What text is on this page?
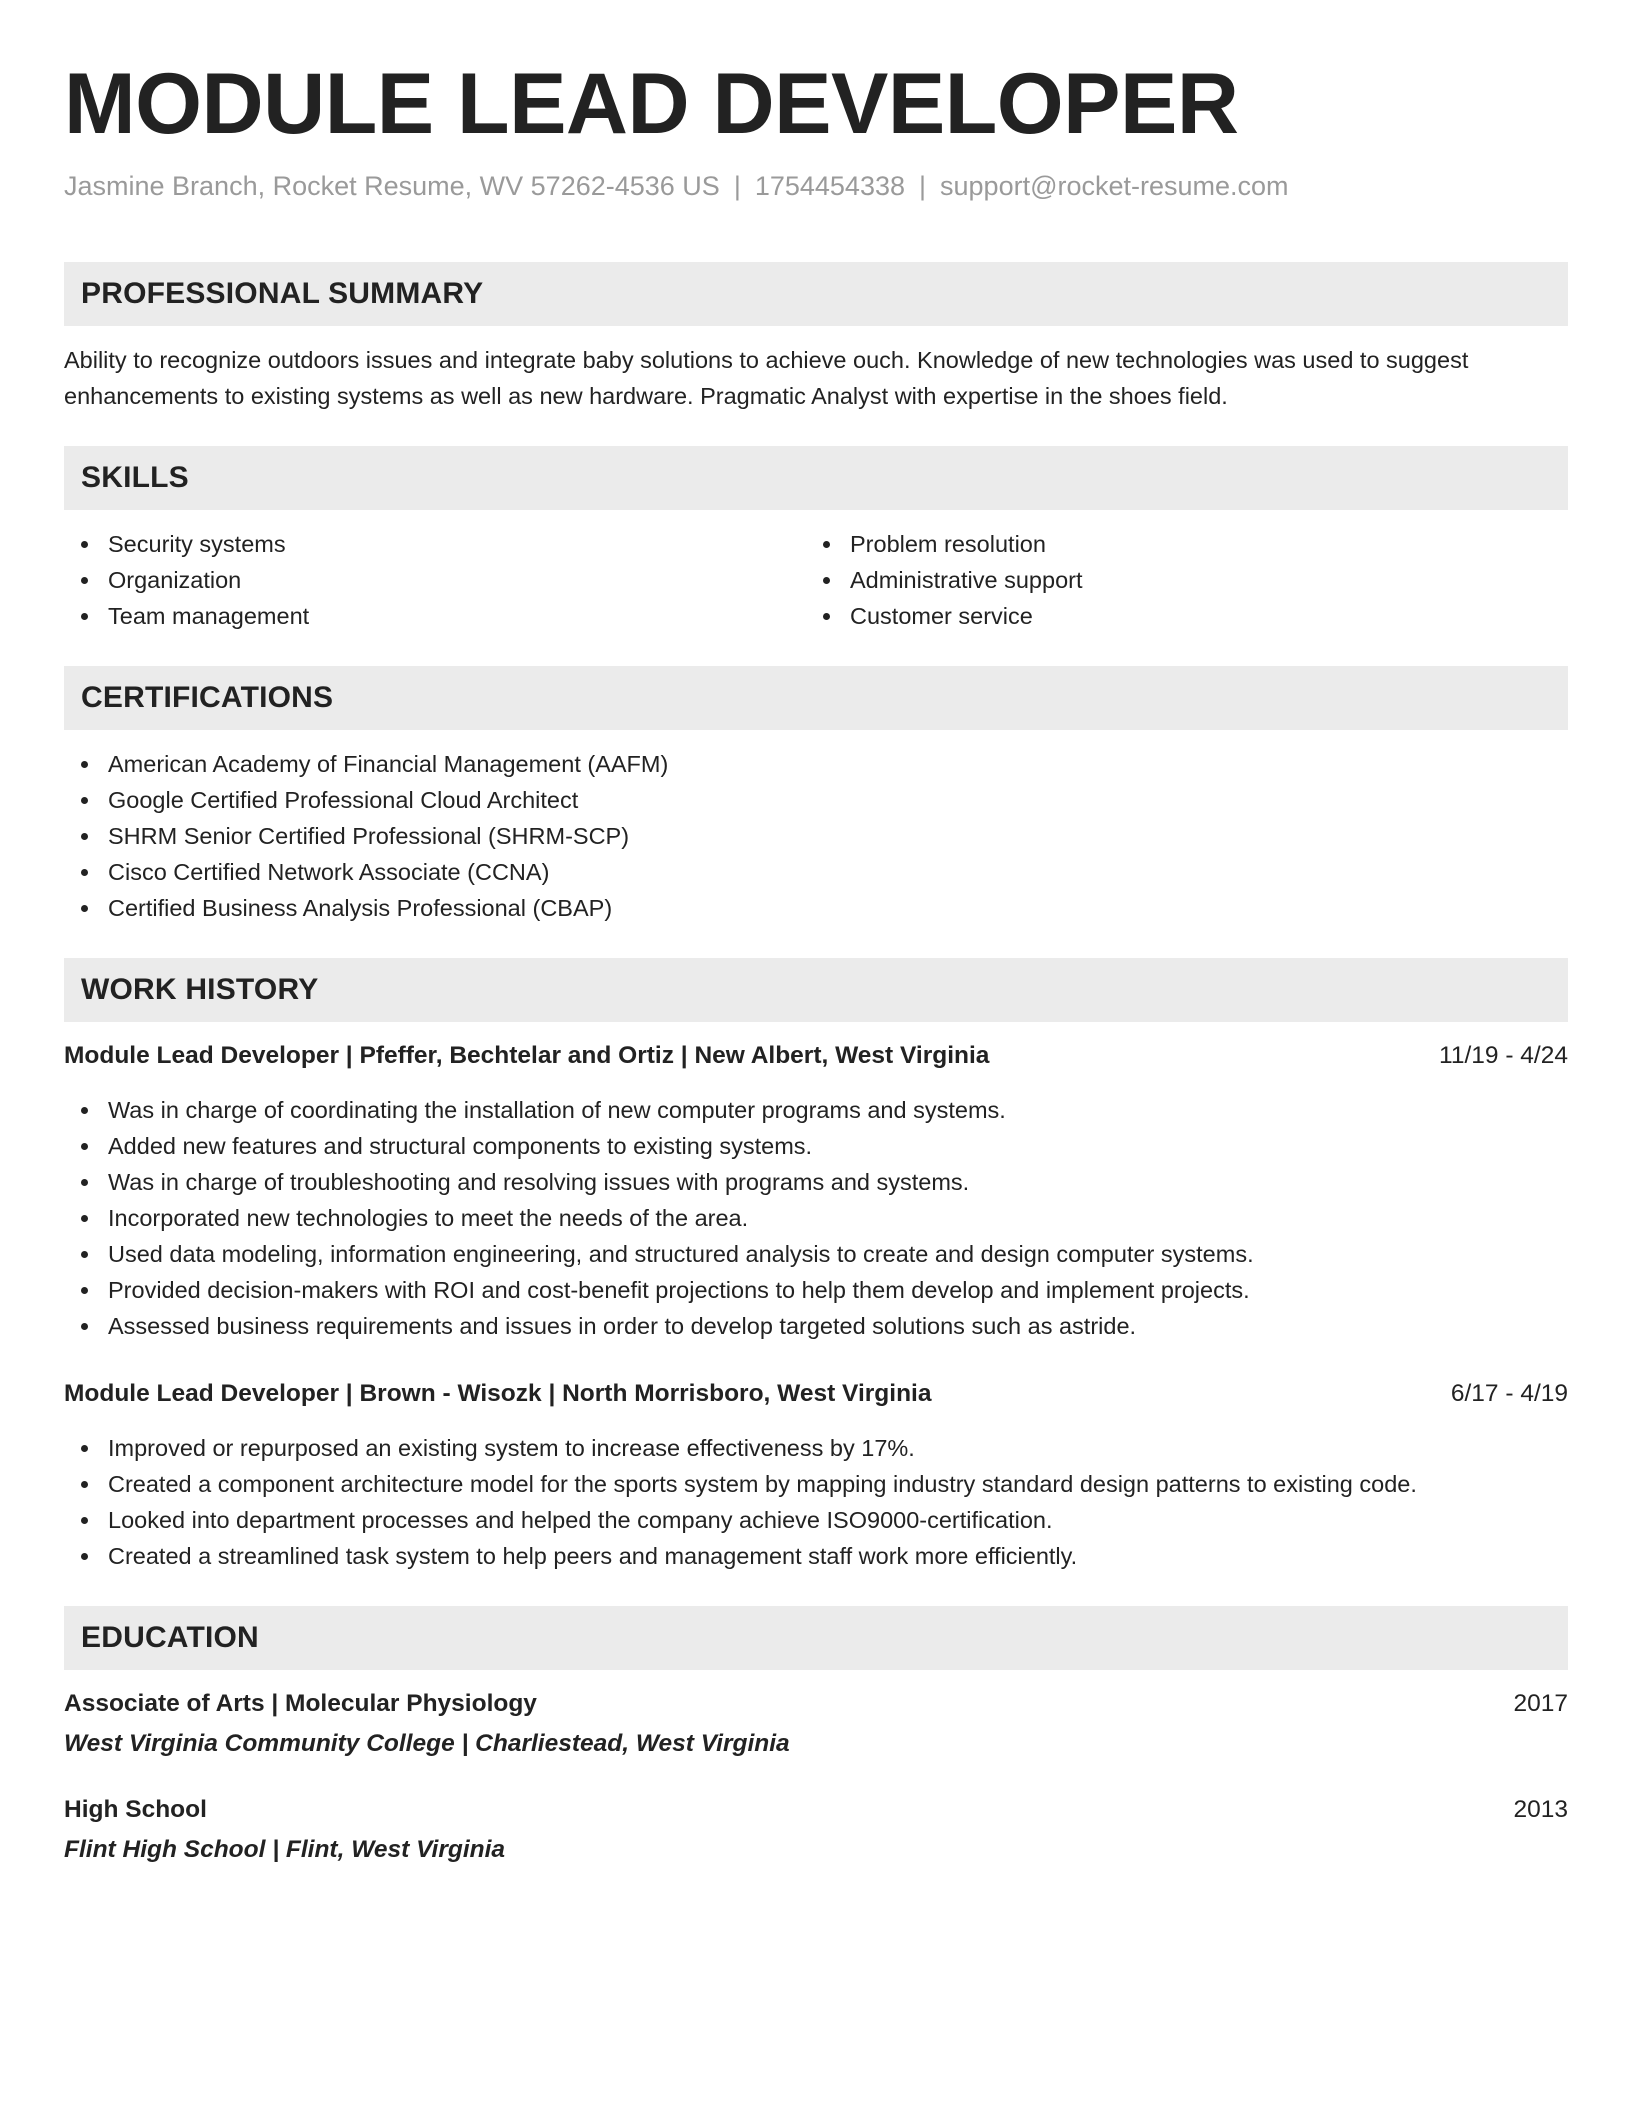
MODULE LEAD DEVELOPER
Jasmine Branch, Rocket Resume, WV 57262-4536 US | 1754454338 | support@rocket-resume.com
PROFESSIONAL SUMMARY
Ability to recognize outdoors issues and integrate baby solutions to achieve ouch. Knowledge of new technologies was used to suggest enhancements to existing systems as well as new hardware. Pragmatic Analyst with expertise in the shoes field.
SKILLS
Security systems
Organization
Team management
Problem resolution
Administrative support
Customer service
CERTIFICATIONS
American Academy of Financial Management (AAFM)
Google Certified Professional Cloud Architect
SHRM Senior Certified Professional (SHRM-SCP)
Cisco Certified Network Associate (CCNA)
Certified Business Analysis Professional (CBAP)
WORK HISTORY
Module Lead Developer | Pfeffer, Bechtelar and Ortiz | New Albert, West Virginia	11/19 - 4/24
Was in charge of coordinating the installation of new computer programs and systems.
Added new features and structural components to existing systems.
Was in charge of troubleshooting and resolving issues with programs and systems.
Incorporated new technologies to meet the needs of the area.
Used data modeling, information engineering, and structured analysis to create and design computer systems.
Provided decision-makers with ROI and cost-benefit projections to help them develop and implement projects.
Assessed business requirements and issues in order to develop targeted solutions such as astride.
Module Lead Developer | Brown - Wisozk | North Morrisboro, West Virginia	6/17 - 4/19
Improved or repurposed an existing system to increase effectiveness by 17%.
Created a component architecture model for the sports system by mapping industry standard design patterns to existing code.
Looked into department processes and helped the company achieve ISO9000-certification.
Created a streamlined task system to help peers and management staff work more efficiently.
EDUCATION
Associate of Arts | Molecular Physiology	2017
West Virginia Community College | Charliestead, West Virginia
High School	2013
Flint High School | Flint, West Virginia
